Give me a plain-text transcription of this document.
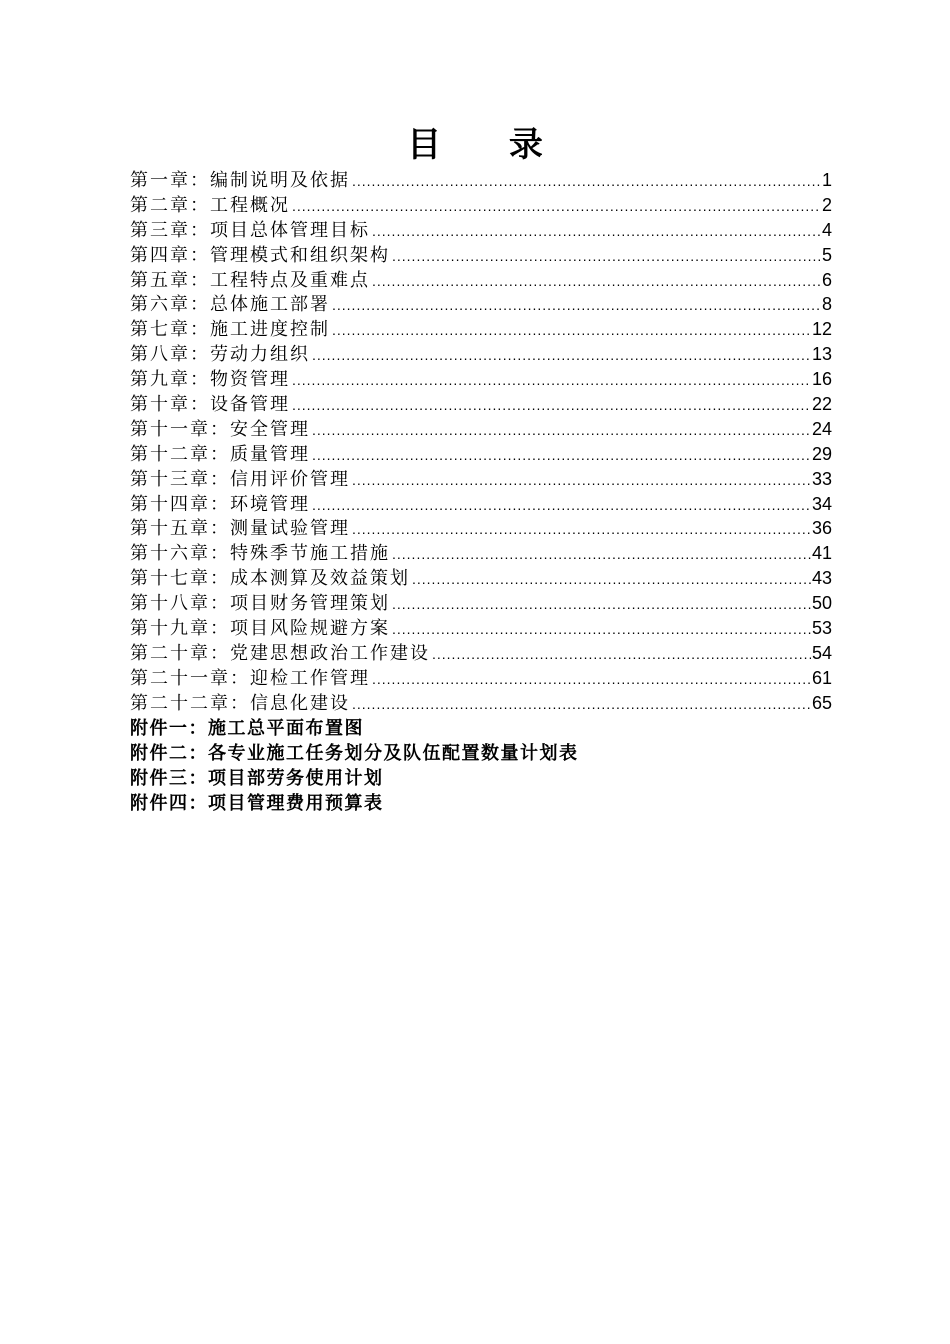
目 录
第一章：编制说明及依据 .....	1
第二章：工程概况 .....	2
第三章：项目总体管理目标 .....	4
第四章：管理模式和组织架构 .....	5
第五章：工程特点及重难点 .....	6
第六章：总体施工部署 .....	8
第七章：施工进度控制 .....	12
第八章：劳动力组织 .....	13
第九章：物资管理 .....	16
第十章：设备管理 .....	22
第十一章：安全管理 .....	24
第十二章：质量管理 .....	29
第十三章：信用评价管理 .....	33
第十四章：环境管理 .....	34
第十五章：测量试验管理 .....	36
第十六章：特殊季节施工措施 .....	41
第十七章：成本测算及效益策划 .....	43
第十八章：项目财务管理策划 .....	50
第十九章：项目风险规避方案 .....	53
第二十章：党建思想政治工作建设 .....	54
第二十一章：迎检工作管理 .....	61
第二十二章：信息化建设 .....	65
附件一：施工总平面布置图
附件二：各专业施工任务划分及队伍配置数量计划表
附件三：项目部劳务使用计划
附件四：项目管理费用预算表
